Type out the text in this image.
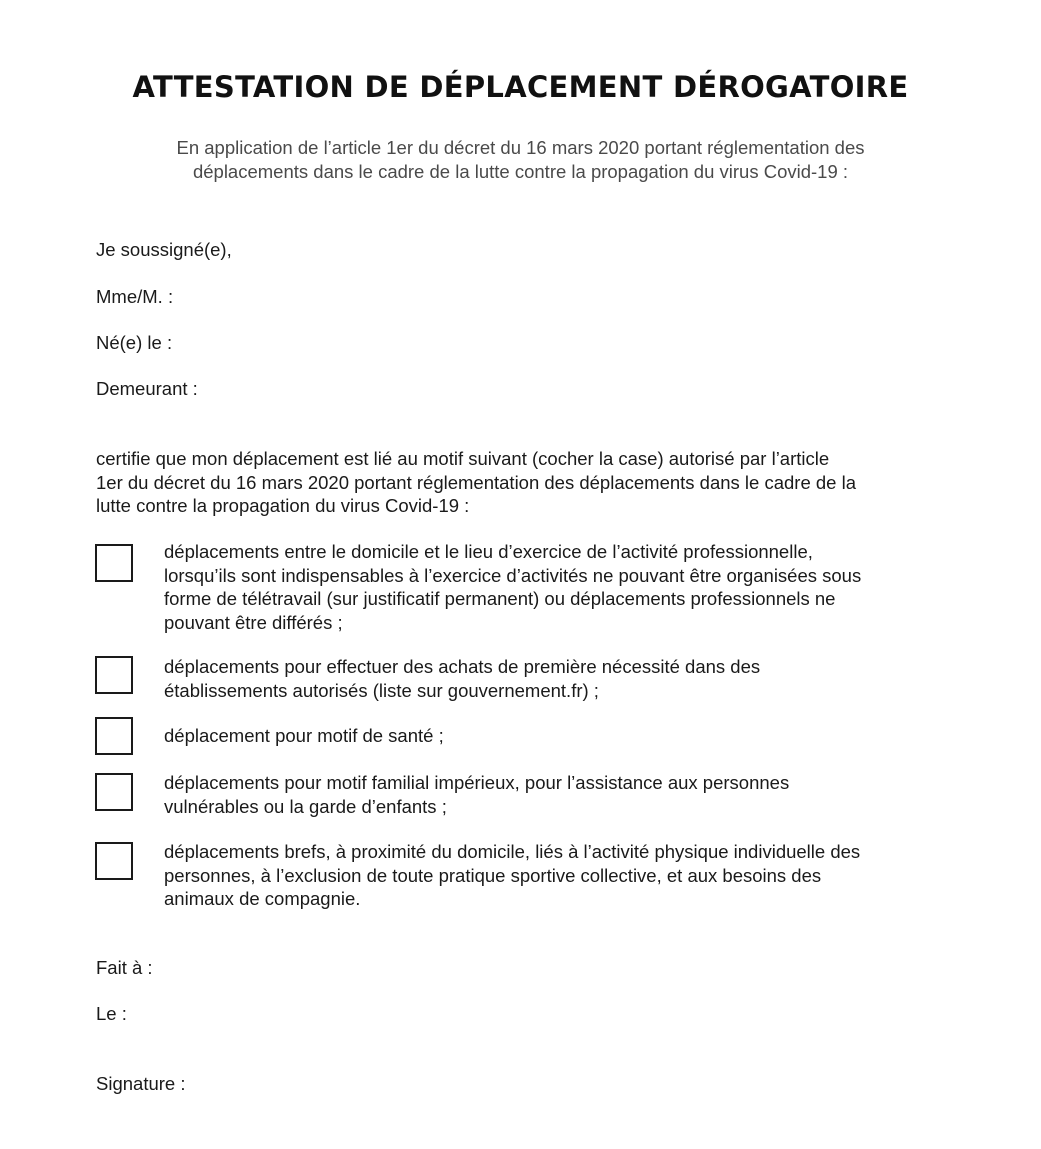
ATTESTATION DE DÉPLACEMENT DÉROGATOIRE

En application de l’article 1er du décret du 16 mars 2020 portant réglementation des
déplacements dans le cadre de la lutte contre la propagation du virus Covid-19 :

Je soussigné(e),

Mme/M. :

Né(e) le :

Demeurant :

certifie que mon déplacement est lié au motif suivant (cocher la case) autorisé par l’article
1er du décret du 16 mars 2020 portant réglementation des déplacements dans le cadre de la
lutte contre la propagation du virus Covid-19 :

déplacements entre le domicile et le lieu d’exercice de l’activité professionnelle,
lorsqu’ils sont indispensables à l’exercice d’activités ne pouvant être organisées sous
forme de télétravail (sur justificatif permanent) ou déplacements professionnels ne
pouvant être différés ;

déplacements pour effectuer des achats de première nécessité dans des
établissements autorisés (liste sur gouvernement.fr) ;

déplacement pour motif de santé ;

déplacements pour motif familial impérieux, pour l’assistance aux personnes
vulnérables ou la garde d’enfants ;

déplacements brefs, à proximité du domicile, liés à l’activité physique individuelle des
personnes, à l’exclusion de toute pratique sportive collective, et aux besoins des
animaux de compagnie.

Fait à :

Le :

Signature :
